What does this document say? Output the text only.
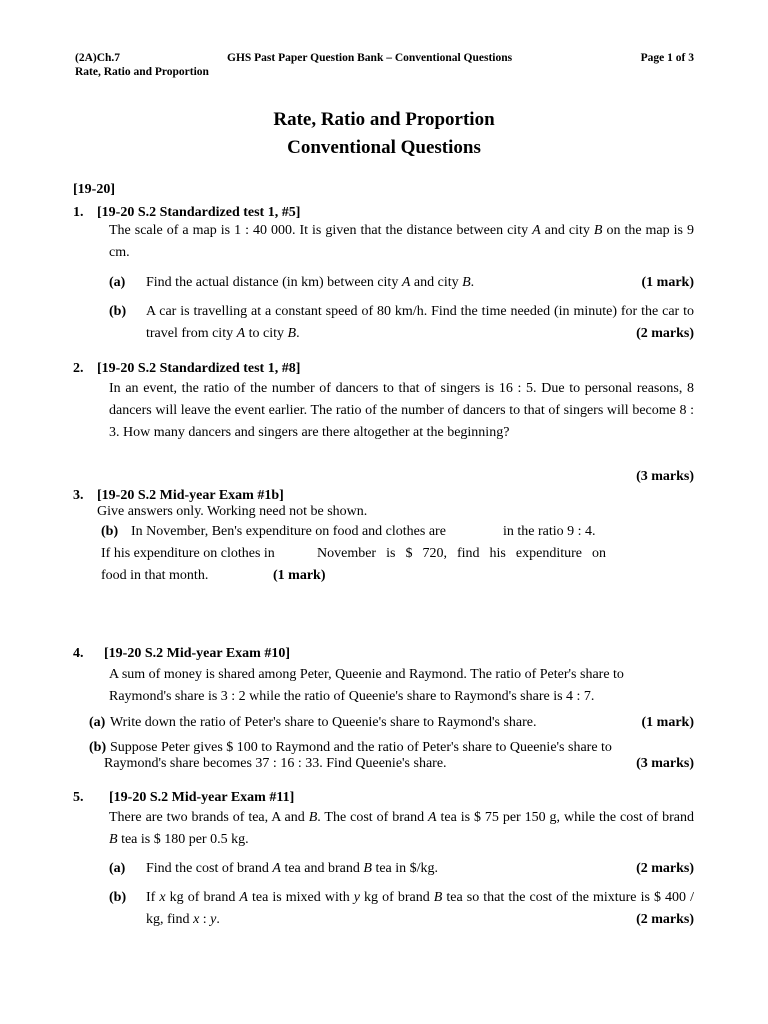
(2A)Ch.7	GHS Past Paper Question Bank – Conventional Questions	Page 1 of 3
Rate, Ratio and Proportion
Rate, Ratio and Proportion
Conventional Questions
[19-20]
1. [19-20 S.2 Standardized test 1, #5]
The scale of a map is 1 : 40 000. It is given that the distance between city A and city B on the map is 9 cm.
(a) Find the actual distance (in km) between city A and city B.	(1 mark)
(b) A car is travelling at a constant speed of 80 km/h. Find the time needed (in minute) for the car to travel from city A to city B.	(2 marks)
2. [19-20 S.2 Standardized test 1, #8]
In an event, the ratio of the number of dancers to that of singers is 16 : 5. Due to personal reasons, 8 dancers will leave the event earlier. The ratio of the number of dancers to that of singers will become 8 : 3. How many dancers and singers are there altogether at the beginning?
(3 marks)
3. [19-20 S.2 Mid-year Exam #1b]
Give answers only. Working need not be shown.
(b) In November, Ben's expenditure on food and clothes are	in the ratio 9 : 4.
If his expenditure on clothes in	November is $ 720, find his expenditure on
food in that month.	(1 mark)
4. [19-20 S.2 Mid-year Exam #10]
A sum of money is shared among Peter, Queenie and Raymond. The ratio of Peter's share to
Raymond's share is 3 : 2 while the ratio of Queenie's share to Raymond's share is 4 : 7.
(a) Write down the ratio of Peter's share to Queenie's share to Raymond's share.	(1 mark)
(b) Suppose Peter gives $ 100 to Raymond and the ratio of Peter's share to Queenie's share to
Raymond's share becomes 37 : 16 : 33. Find Queenie's share.	(3 marks)
5. [19-20 S.2 Mid-year Exam #11]
There are two brands of tea, A and B. The cost of brand A tea is $ 75 per 150 g, while the cost of brand B tea is $ 180 per 0.5 kg.
(a) Find the cost of brand A tea and brand B tea in $/kg.	(2 marks)
(b) If x kg of brand A tea is mixed with y kg of brand B tea so that the cost of the mixture is $ 400 / kg, find x : y.	(2 marks)
